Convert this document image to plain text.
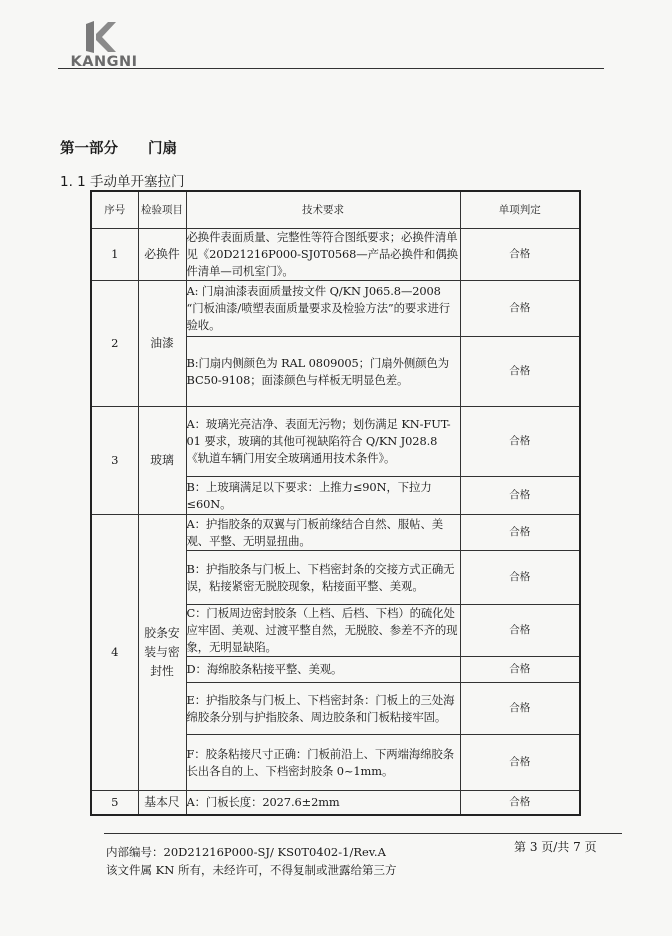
KANGNI
第一部分 门扇
1. 1 手动单开塞拉门
序号	检验项目	技术要求	单项判定
1	必换件	必换件表面质量、完整性等符合图纸要求；必换件清单见《20D21216P000-SJ0T0568—产品必换件和偶换件清单—司机室门》。	合格
2	油漆	A: 门扇油漆表面质量按文件 Q/KN J065.8—2008 “门板油漆/喷塑表面质量要求及检验方法”的要求进行验收。	合格
		B:门扇内侧颜色为 RAL 0809005；门扇外侧颜色为 BC50-9108；面漆颜色与样板无明显色差。	合格
3	玻璃	A：玻璃光亮洁净、表面无污物；划伤满足 KN-FUT-01 要求，玻璃的其他可视缺陷符合 Q/KN J028.8《轨道车辆门用安全玻璃通用技术条件》。	合格
		B：上玻璃满足以下要求：上推力≤90N，下拉力≤60N。	合格
4	胶条安装与密封性	A：护指胶条的双翼与门板前缘结合自然、服帖、美观、平整、无明显扭曲。	合格
		B：护指胶条与门板上、下档密封条的交接方式正确无误，粘接紧密无脱胶现象，粘接面平整、美观。	合格
		C：门板周边密封胶条（上档、后档、下档）的硫化处应牢固、美观、过渡平整自然，无脱胶、参差不齐的现象，无明显缺陷。	合格
		D：海绵胶条粘接平整、美观。	合格
		E：护指胶条与门板上、下档密封条：门板上的三处海绵胶条分别与护指胶条、周边胶条和门板粘接牢固。	合格
		F：胶条粘接尺寸正确：门板前沿上、下两端海绵胶条长出各自的上、下档密封胶条 0~1mm。	合格
5	基本尺	A：门板长度：2027.6±2mm	合格
内部编号：20D21216P000-SJ/ KS0T0402-1/Rev.A	第 3 页/共 7 页
该文件属 KN 所有，未经许可，不得复制或泄露给第三方
